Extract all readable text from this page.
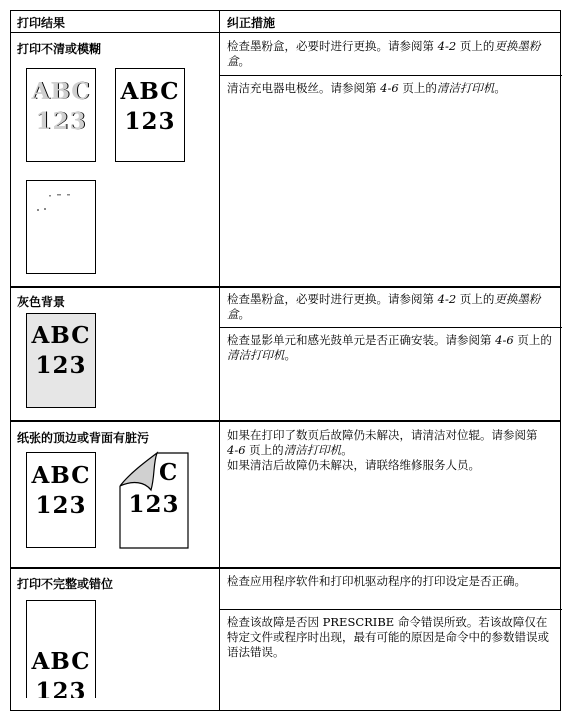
打印结果	纠正措施
打印不清或模糊	检查墨粉盒，必要时进行更换。请参阅第 4-2 页上的更换墨粉盒。
清洁充电器电极丝。请参阅第 4-6 页上的清洁打印机。
ABC
123
ABC
123
灰色背景	检查墨粉盒，必要时进行更换。请参阅第 4-2 页上的更换墨粉盒。
检查显影单元和感光鼓单元是否正确安装。请参阅第 4-6 页上的清洁打印机。
ABC
123
纸张的顶边或背面有脏污	如果在打印了数页后故障仍未解决，请清洁对位辊。请参阅第 4-6 页上的清洁打印机。
如果清洁后故障仍未解决，请联络维修服务人员。
ABC
123
C
123
打印不完整或错位	检查应用程序软件和打印机驱动程序的打印设定是否正确。
检查该故障是否因 PRESCRIBE 命令错误所致。若该故障仅在特定文件或程序时出现，最有可能的原因是命令中的参数错误或语法错误。
ABC
123
